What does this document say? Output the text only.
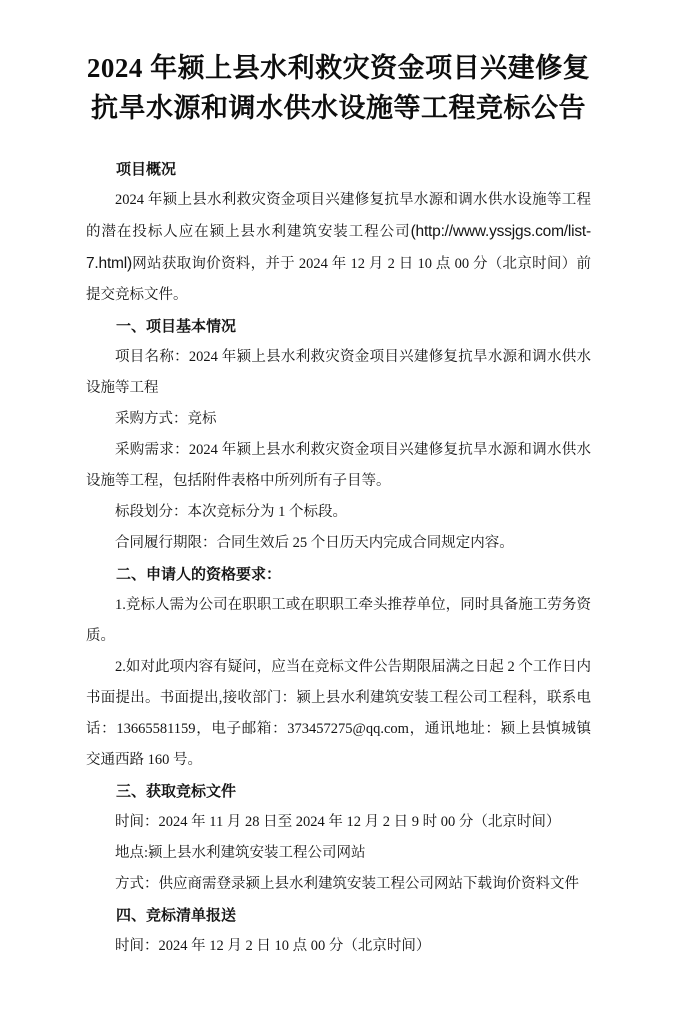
2024 年颍上县水利救灾资金项目兴建修复
抗旱水源和调水供水设施等工程竞标公告

项目概况

2024 年颍上县水利救灾资金项目兴建修复抗旱水源和调水供水设施等工程的潜在投标人应在颍上县水利建筑安装工程公司(http://www.yssjgs.com/list-7.html)网站获取询价资料，并于 2024 年 12 月 2 日 10 点 00 分（北京时间）前提交竞标文件。

一、项目基本情况

项目名称：2024 年颍上县水利救灾资金项目兴建修复抗旱水源和调水供水设施等工程

采购方式：竞标

采购需求：2024 年颍上县水利救灾资金项目兴建修复抗旱水源和调水供水设施等工程，包括附件表格中所列所有子目等。

标段划分：本次竞标分为 1 个标段。

合同履行期限：合同生效后 25 个日历天内完成合同规定内容。

二、申请人的资格要求：

1.竞标人需为公司在职职工或在职职工牵头推荐单位，同时具备施工劳务资质。

2.如对此项内容有疑问，应当在竞标文件公告期限届满之日起 2 个工作日内书面提出。书面提出,接收部门：颍上县水利建筑安装工程公司工程科，联系电话：13665581159，电子邮箱：373457275@qq.com，通讯地址：颍上县慎城镇交通西路 160 号。

三、获取竞标文件

时间：2024 年 11 月 28 日至 2024 年 12 月 2 日 9 时 00 分（北京时间）

地点:颍上县水利建筑安装工程公司网站

方式：供应商需登录颍上县水利建筑安装工程公司网站下载询价资料文件

四、竞标清单报送

时间：2024 年 12 月 2 日 10 点 00 分（北京时间）
